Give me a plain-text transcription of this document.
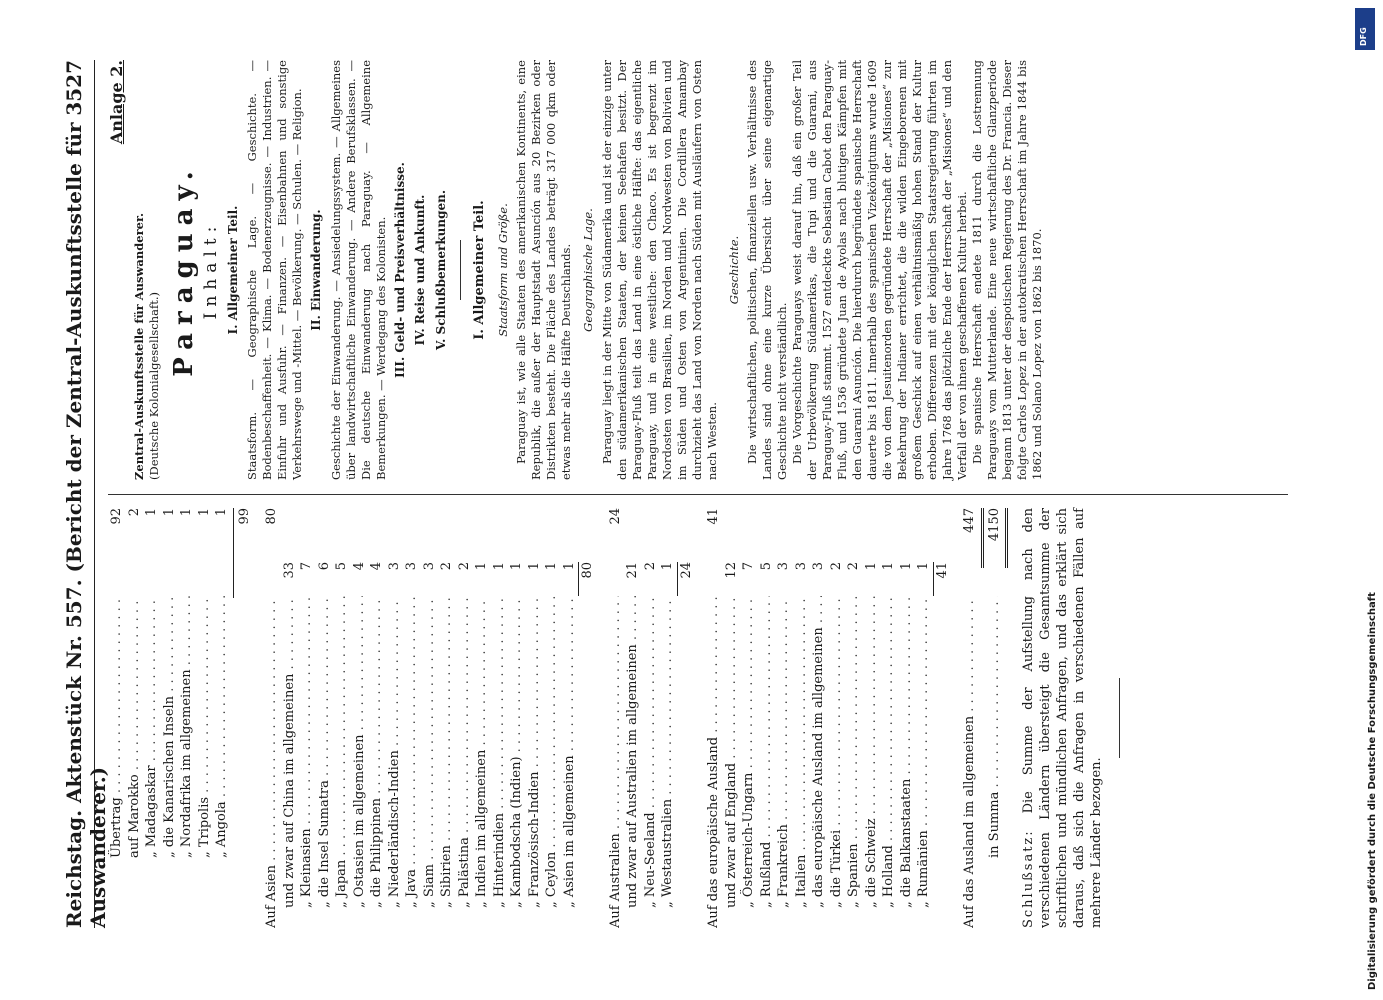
Reichstag. Aktenstück Nr. 557. (Bericht der Zentral-Auskunftsstelle für Auswanderer.)
3527
Übertrag . . .
92
auf Marokko . . .
2
„ Madagaskar . . .
1
„ die Kanarischen Inseln . . .
1
„ Nordafrika im allgemeinen . . .
1
„ Tripolis . . .
1
„ Angola . . .
1 99
Auf Asien . . .
80
und zwar auf China im allgemeinen . . .
33
„ Kleinasien . . .
7
„ die Insel Sumatra . . .
6
„ Japan . . .
5
„ Ostasien im allgemeinen . . .
4
„ die Philippinen . . .
4
„ Niederländisch-Indien . . .
3
„ Java . . .
3
„ Siam . . .
3
„ Sibirien . . .
2
„ Palästina . . .
2
„ Indien im allgemeinen . . .
1
„ Hinterindien . . .
1
„ Kambodscha (Indien) . . .
1
„ Französisch-Indien . . .
1
„ Ceylon . . .
1
„ Asien im allgemeinen . . .
1 80
Auf Australien . . .
24
und zwar auf Australien im allgemeinen . . .
21
„ Neu-Seeland . . .
2
„ Westaustralien . . .
1 24
Auf das europäische Ausland . . .
41
und zwar auf England . . .
12
„ Österreich-Ungarn . . .
7
„ Rußland . . .
5
„ Frankreich . . .
3
„ Italien . . .
3
„ das europäische Ausland im allgemeinen . . .
3
„ die Türkei . . .
2
„ Spanien . . .
2
„ die Schweiz . . .
1
„ Holland . . .
1
„ die Balkanstaaten . . .
1
„ Rumänien . . .
1 41
Auf das Ausland im allgemeinen . . .
447
in Summa . . .
4150

Schlußsatz: Die Summe der Aufstellung nach den verschiedenen Ländern übersteigt die Gesamtsumme der schriftlichen und mündlichen Anfragen, und das erklärt sich daraus, daß sich die Anfragen in verschiedenen Fällen auf mehrere Länder bezogen.

Anlage 2.
Zentral-Auskunftsstelle für Auswanderer. (Deutsche Kolonialgesellschaft.)
Paraguay. Inhalt: I. Allgemeiner Teil. Staatsform. — Geographische Lage. — Geschichte. — Bodenbeschaffenheit. — Klima. — Bodenerzeugnisse. — Industrien. — Einfuhr und Ausfuhr. — Finanzen. — Eisenbahnen und sonstige Verkehrswege und -Mittel. — Bevölkerung. — Schulen. — Religion. II. Einwanderung. Geschichte der Einwanderung. — Ansiedelungssystem. — Allgemeines über landwirtschaftliche Einwanderung. — Andere Berufsklassen. — Die deutsche Einwanderung nach Paraguay. — Allgemeine Bemerkungen. — Werdegang des Kolonisten. III. Geld- und Preisverhältnisse. IV. Reise und Ankunft. V. Schlußbemerkungen. I. Allgemeiner Teil. Staatsform und Größe. Paraguay ist, wie alle Staaten des amerikanischen Kontinents, eine Republik, die außer der Hauptstadt Asunción aus 20 Bezirken oder Distrikten besteht. Die Fläche des Landes beträgt 317 000 qkm oder etwas mehr als die Hälfte Deutschlands. Geographische Lage. Paraguay liegt in der Mitte von Südamerika und ist der einzige unter den südamerikanischen Staaten, der keinen Seehafen besitzt. Der Paraguay-Fluß teilt das Land in eine östliche Hälfte: das eigentliche Paraguay, und in eine westliche: den Chaco. Es ist begrenzt im Nordosten von Brasilien, im Norden und Nordwesten von Bolivien und im Süden und Osten von Argentinien. Die Cordillera Amambay durchzieht das Land von Norden nach Süden mit Ausläufern von Osten nach Westen.

Geschichte. Die wirtschaftlichen, politischen, finanziellen usw. Verhältnisse des Landes sind ohne eine kurze Übersicht über seine eigenartige Geschichte nicht verständlich. Die Vorgeschichte Paraguays weist darauf hin, daß ein großer Teil der Urbevölkerung Südamerikas, die Tupi und die Guarani, aus Paraguay-Fluß stammt. 1527 entdeckte Sebastian Cabot den Paraguay-Fluß, und 1536 gründete Juan de Ayolas nach blutigen Kämpfen mit den Guarani Asunción. Die hierdurch begründete spanische Herrschaft dauerte bis 1811. Innerhalb des spanischen Vizekönigtums wurde 1609 die von dem Jesuitenorden gegründete Herrschaft der „Misiones“ zur Bekehrung der Indianer errichtet, die die wilden Eingeborenen mit großem Geschick auf einen verhältnismäßig hohen Stand der Kultur erhoben. Differenzen mit der königlichen Staatsregierung führten im Jahre 1768 das plötzliche Ende der Herrschaft der „Misiones“ und den Verfall der von ihnen geschaffenen Kultur herbei. Die spanische Herrschaft endete 1811 durch die Lostrennung Paraguays vom Mutterlande. Eine neue wirtschaftliche Glanzperiode begann 1813 unter der despotischen Regierung des Dr. Francia. Dieser folgte Carlos Lopez in der autokratischen Herrschaft im Jahre 1844 bis 1862 und Solano Lopez von 1862 bis 1870.

DFG
Digitalisierung gefördert durch die Deutsche Forschungsgemeinschaft
